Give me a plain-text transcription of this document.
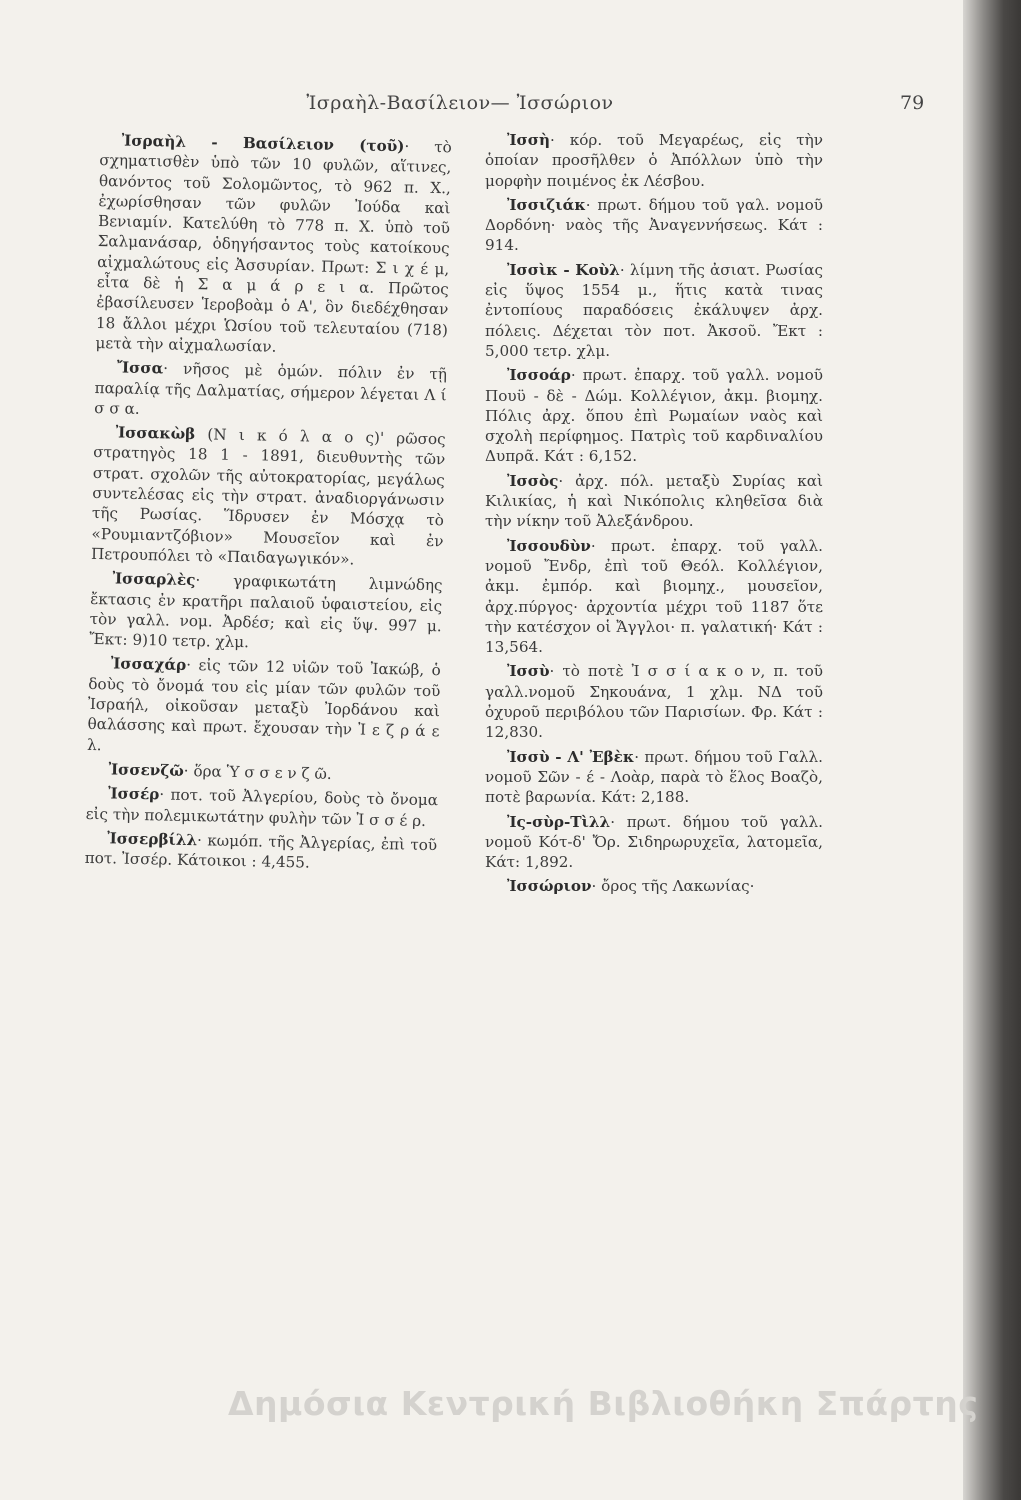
Ἰσραὴλ-Βασίλειον— Ἰσσώριον	79

Ἰσραὴλ - Βασίλειον (τοῦ)· τὸ σχηματισθὲν ὑπὸ τῶν 10 φυλῶν, αἵτινες, θανόντος τοῦ Σολομῶντος, τὸ 962 π. Χ., ἐχωρίσθησαν τῶν φυλῶν Ἰούδα καὶ Βενιαμίν. Κατελύθη τὸ 778 π. Χ. ὑπὸ τοῦ Σαλμανάσαρ, ὁδηγήσαντος τοὺς κατοίκους αἰχμαλώτους εἰς Ἀσσυρίαν. Πρωτ: Σ ι χ έ μ, εἶτα δὲ ἡ Σ α μ ά ρ ε ι α. Πρῶτος ἐβασίλευσεν Ἱεροβοὰμ ὁ Α', ὃν διεδέχθησαν 18 ἄλλοι μέχρι Ὡσίου τοῦ τελευταίου (718) μετὰ τὴν αἰχμαλωσίαν.

Ἴσσα· νῆσος μὲ ὁμών. πόλιν ἐν τῇ παραλίᾳ τῆς Δαλματίας, σήμερον λέγεται Λ ί σ σ α.

Ἰσσακὼβ (Ν ι κ ό λ α ο ς)' ρῶσος στρατηγὸς 18 1 - 1891, διευθυντὴς τῶν στρατ. σχολῶν τῆς αὐτοκρατορίας, μεγάλως συντελέσας εἰς τὴν στρατ. ἀναδιοργάνωσιν τῆς Ρωσίας. Ἵδρυσεν ἐν Μόσχᾳ τὸ «Ρουμιαντζόβιον» Μουσεῖον καὶ ἐν Πετρουπόλει τὸ «Παιδαγωγικόν».

Ἰσσαρλὲς· γραφικωτάτη λιμνώδης ἔκτασις ἐν κρατῆρι παλαιοῦ ὑφαιστείου, εἰς τὸν γαλλ. νομ. Ἀρδέσ; καὶ εἰς ὕψ. 997 μ. Ἔκτ: 9)10 τετρ. χλμ.

Ἰσσαχάρ· εἰς τῶν 12 υἱῶν τοῦ Ἰακώβ, ὁ δοὺς τὸ ὄνομά του εἰς μίαν τῶν φυλῶν τοῦ Ἰσραήλ, οἰκοῦσαν μεταξὺ Ἰορδάνου καὶ θαλάσσης καὶ πρωτ. ἔχουσαν τὴν Ἰ ε ζ ρ ά ε λ.

Ἰσσενζῶ· ὅρα Ὑ σ σ ε ν ζ ῶ.

Ἰσσέρ· ποτ. τοῦ Ἀλγερίου, δοὺς τὸ ὄνομα εἰς τὴν πολεμικωτάτην φυλὴν τῶν Ἰ σ σ έ ρ.

Ἰσσερβίλλ· κωμόπ. τῆς Ἀλγερίας, ἐπὶ τοῦ ποτ. Ἰσσέρ. Κάτοικοι : 4,455.

Ἰσσὴ· κόρ. τοῦ Μεγαρέως, εἰς τὴν ὁποίαν προσῆλθεν ὁ Ἀπόλλων ὑπὸ τὴν μορφὴν ποιμένος ἐκ Λέσβου.

Ἰσσιζιάκ· πρωτ. δήμου τοῦ γαλ. νομοῦ Δορδόνη· ναὸς τῆς Ἀναγεννήσεως. Κάτ : 914.

Ἰσσὶκ - Κοὺλ· λίμνη τῆς ἀσιατ. Ρωσίας εἰς ὕψος 1554 μ., ἥτις κατὰ τινας ἐντοπίους παραδόσεις ἐκάλυψεν ἀρχ. πόλεις. Δέχεται τὸν ποτ. Ἀκσοῦ. Ἔκτ : 5,000 τετρ. χλμ.

Ἰσσοάρ· πρωτ. ἐπαρχ. τοῦ γαλλ. νομοῦ Πουϋ - δὲ - Δώμ. Κολλέγιον, ἀκμ. βιομηχ. Πόλις ἀρχ. ὅπου ἐπὶ Ρωμαίων ναὸς καὶ σχολὴ περίφημος. Πατρὶς τοῦ καρδιναλίου Δυπρᾶ. Κάτ : 6,152.

Ἰσσὸς· ἀρχ. πόλ. μεταξὺ Συρίας καὶ Κιλικίας, ἡ καὶ Νικόπολις κληθεῖσα διὰ τὴν νίκην τοῦ Ἀλεξάνδρου.

Ἰσσουδὺν· πρωτ. ἐπαρχ. τοῦ γαλλ. νομοῦ Ἔνδρ, ἐπὶ τοῦ Θεόλ. Κολλέγιον, ἀκμ. ἐμπόρ. καὶ βιομηχ., μουσεῖον, ἀρχ.πύργος· ἀρχοντία μέχρι τοῦ 1187 ὅτε τὴν κατέσχον οἱ Ἄγγλοι· π. γαλατική· Κάτ : 13,564.

Ἰσσὺ· τὸ ποτὲ Ἰ σ σ ί α κ ο ν, π. τοῦ γαλλ.νομοῦ Σηκουάνα, 1 χλμ. ΝΔ τοῦ ὀχυροῦ περιβόλου τῶν Παρισίων. Φρ. Κάτ : 12,830.

Ἰσσὺ - Λ' Ἐβὲκ· πρωτ. δήμου τοῦ Γαλλ. νομοῦ Σῶν - έ - Λοὰρ, παρὰ τὸ ἕλος Βοαζὸ, ποτὲ βαρωνία. Κάτ: 2,188.

Ἰς-σὺρ-Τὶλλ· πρωτ. δήμου τοῦ γαλλ. νομοῦ Κότ-δ' Ὄρ. Σιδηρωρυχεῖα, λατομεῖα, Κάτ: 1,892.

Ἰσσώριον· ὄρος τῆς Λακωνίας·

Δημόσια Κεντρική Βιβλιοθήκη Σπάρτης
